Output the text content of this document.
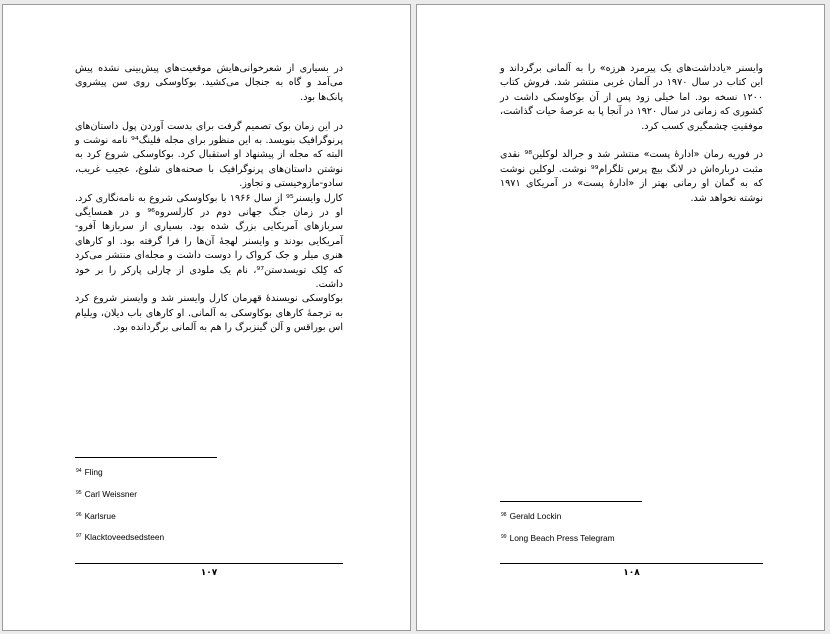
در بسیاری از شعرخوانی‌هایش موقعیت‌های پیش‌بینی نشده پیش می‌آمد و گاه به جنجال می‌کشید. بوکاوسکی روی سن پیشروی پانک‌ها بود.

در این زمان بوک تصمیم گرفت برای بدست آوردن پول داستان‌های پرنوگرافیک بنویسد. به این منظور برای مجله فلینگ⁹⁴ نامه نوشت و البته که مجله از پیشنهاد او استقبال کرد. بوکاوسکی شروع کرد به نوشتن داستان‌های پرنوگرافیک با صحنه‌های شلوغ، عجیب غریب، سادو-مازوخیستی و تجاوز.

کارل وایسنر⁹⁵ از سال ۱۹۶۶ با بوکاوسکی شروع به نامه‌نگاری کرد. او در زمان جنگ جهانی دوم در کارلسروه⁹⁶ و در همسایگی سربازهای آمریکایی بزرگ شده بود. بسیاری از سربازها آفرو-آمریکایی بودند و وایسنر لهجهٔ آن‌ها را فرا گرفته بود. او کارهای هنری میلر و جک کرواک را دوست داشت و مجله‌ای منتشر می‌کرد که کِلک تویسدستن⁹⁷، نام یک ملودی از چارلی پارکر را بر خود داشت.

بوکاوسکی نویسندهٔ قهرمان کارل وایسنر شد و وایسنر شروع کرد به ترجمهٔ کارهای بوکاوسکی به آلمانی. او کارهای باب دیلان، ویلیام اس بوراقس و آلن گینزبرگ را هم به آلمانی برگردانده بود.

$^{94}$ Fling
$^{95}$ Carl Weissner
$^{96}$ Karlsrue
$^{97}$ Klacktoveedsedsteen
۱۰۷

وایسنر «یادداشت‌های یک پیرمرد هرزه» را به آلمانی برگرداند و این کتاب در سال ۱۹۷۰ در آلمان غربی منتشر شد. فروش کتاب ۱۲۰۰ نسخه بود. اما خیلی زود پس از آن بوکاوسکی داشت در کشوری که زمانی در سال ۱۹۲۰ در آنجا پا به عرصهٔ حیات گذاشت، موفقیتِ چشمگیری کسب کرد.

در فوریه رمان «ادارهٔ پست» منتشر شد و جرالد لوکلین⁹⁸ نقدی مثبت درباره‌اش در لانگ بیچ پرس تلگرام⁹⁹ نوشت. لوکلین نوشت که به گمان او رمانی بهتر از «ادارهٔ پست» در آمریکای ۱۹۷۱ نوشته نخواهد شد.

$^{98}$ Gerald Lockin
$^{99}$ Long Beach Press Telegram
۱۰۸
